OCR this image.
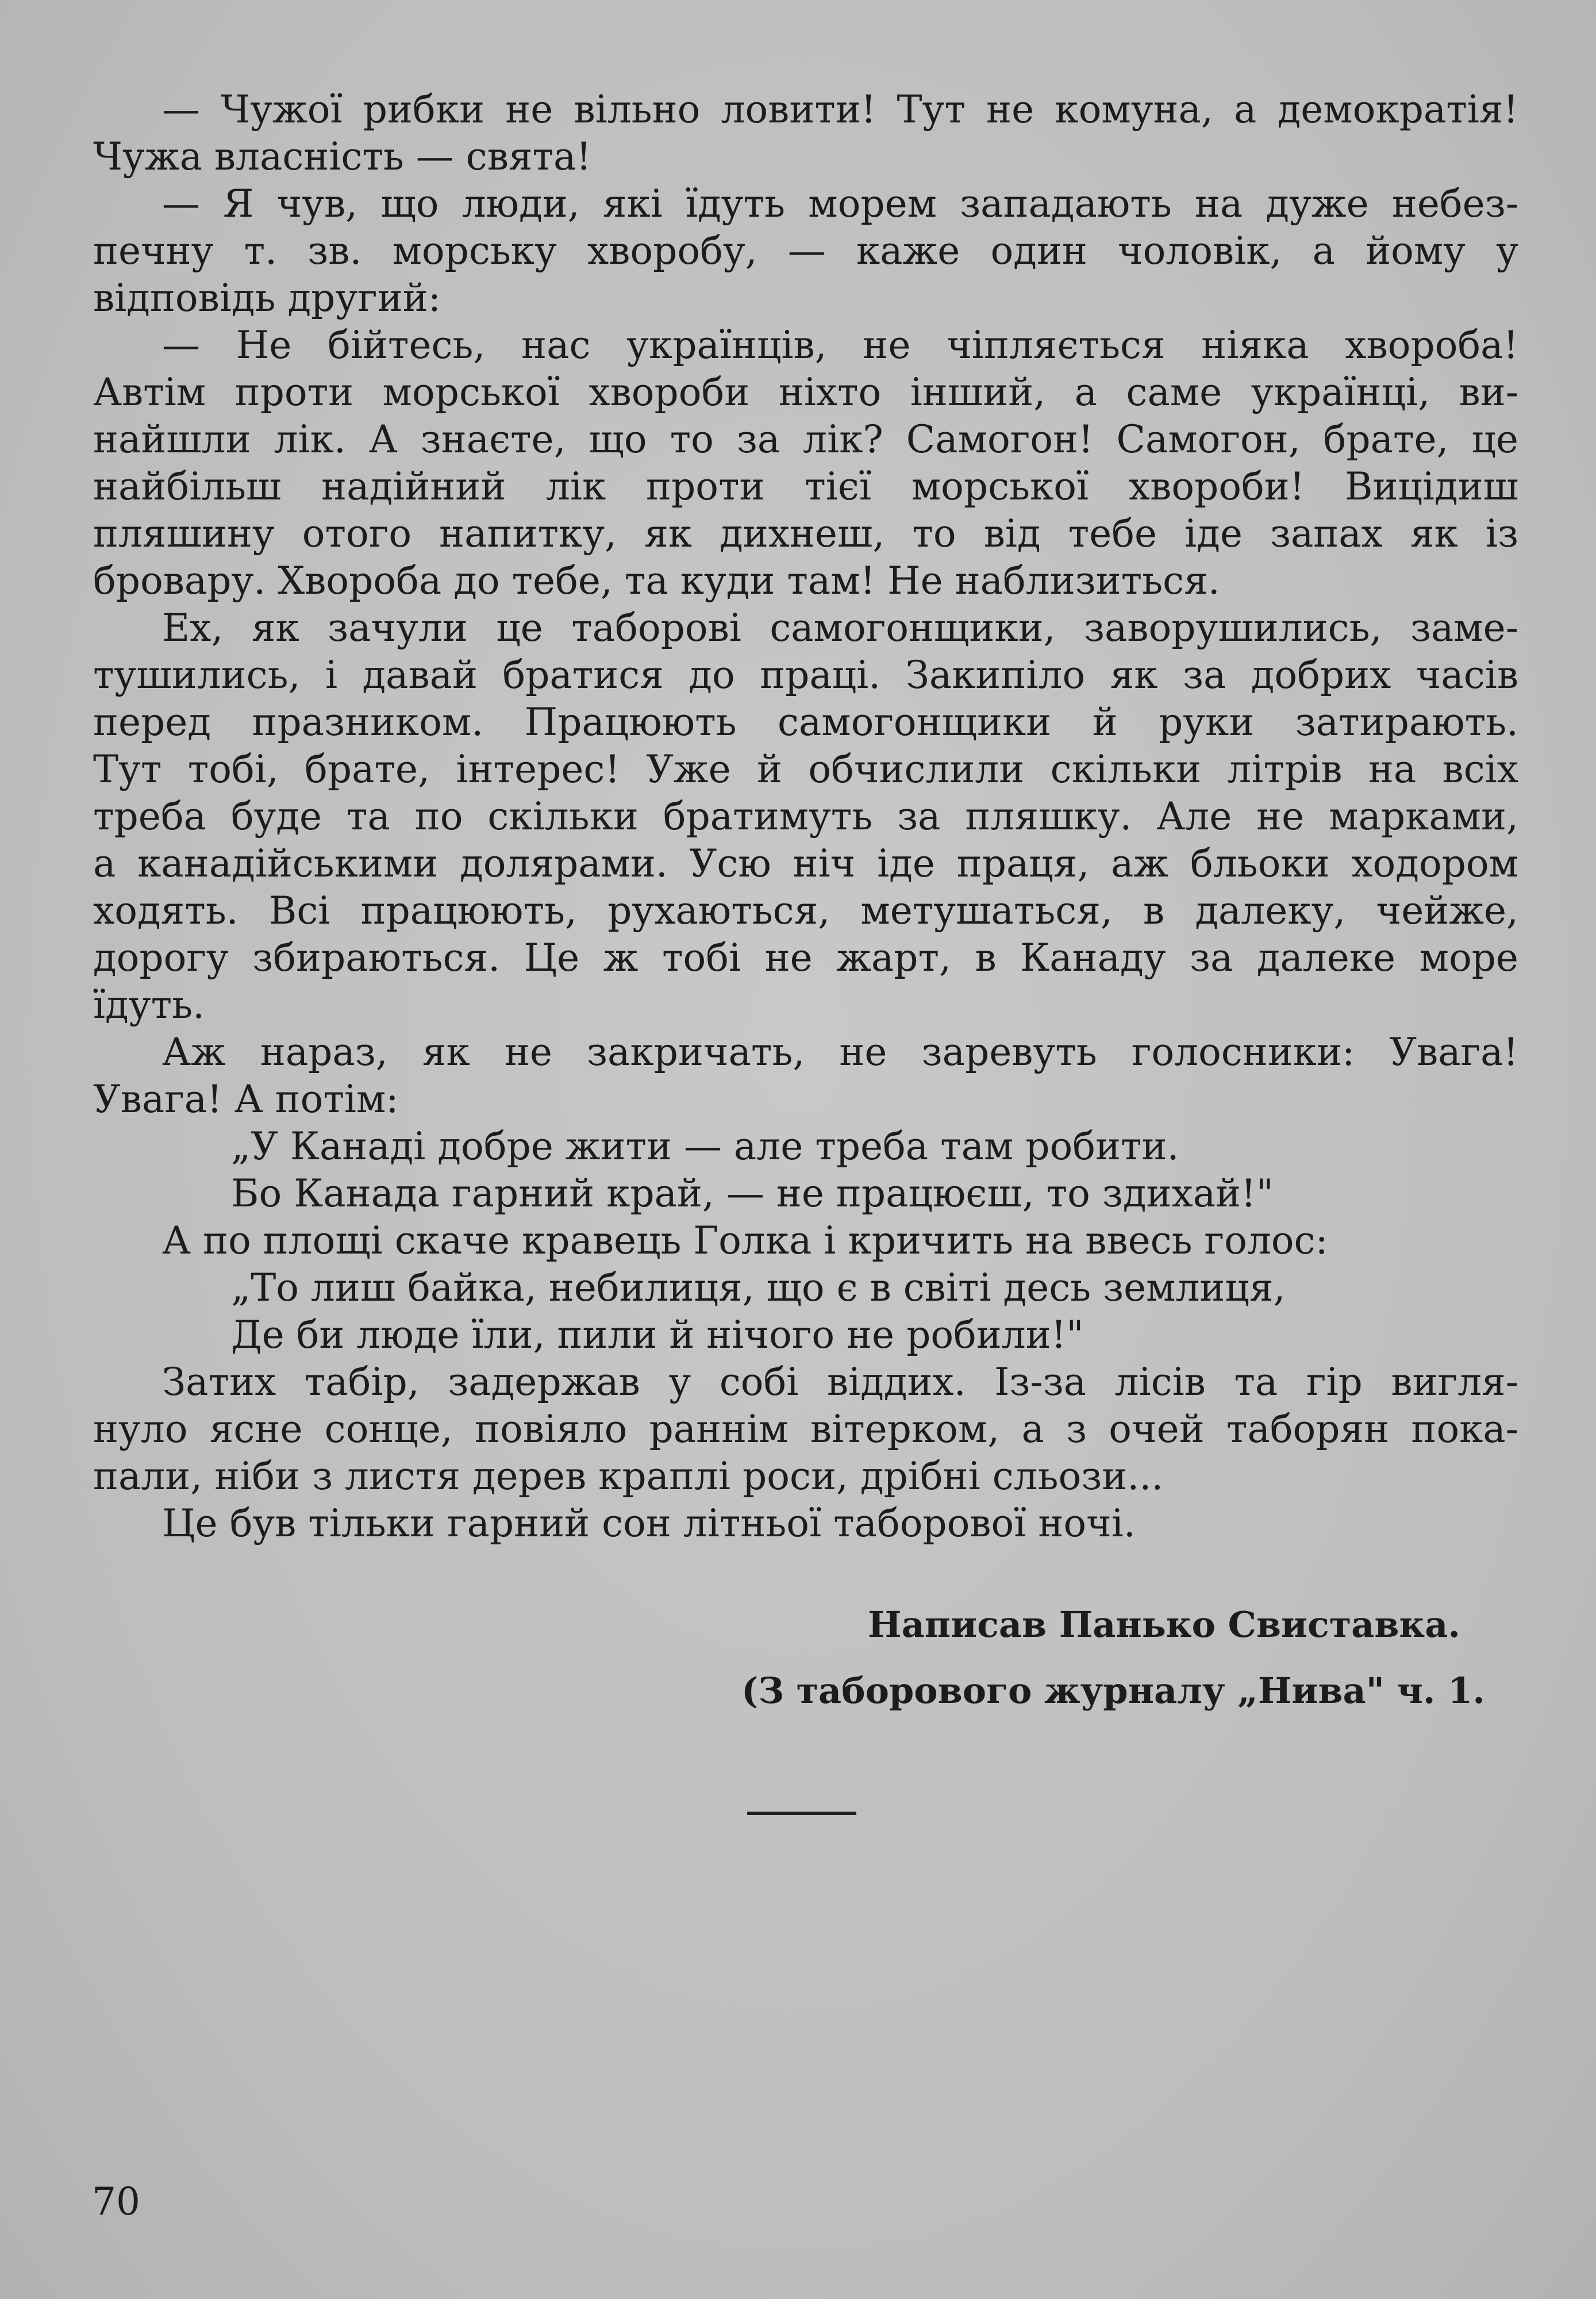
— Чужої рибки не вільно ловити! Тут не комуна, а демократія!
Чужа власність — свята!
— Я чув, що люди, які їдуть морем западають на дуже небез-
печну т. зв. морську хворобу, — каже один чоловік, а йому у
відповідь другий:
— Не бійтесь, нас українців, не чіпляється ніяка хвороба!
Автім проти морської хвороби ніхто інший, а саме українці, ви-
найшли лік. А знаєте, що то за лік? Самогон! Самогон, брате, це
найбільш надійний лік проти тієї морської хвороби! Вицідиш
пляшину отого напитку, як дихнеш, то від тебе іде запах як із
бровару. Хвороба до тебе, та куди там! Не наблизиться.
Ех, як зачули це таборові самогонщики, заворушились, заме-
тушились, і давай братися до праці. Закипіло як за добрих часів
перед празником. Працюють самогонщики й руки затирають.
Тут тобі, брате, інтерес! Уже й обчислили скільки літрів на всіх
треба буде та по скільки братимуть за пляшку. Але не марками,
а канадійськими долярами. Усю ніч іде праця, аж бльоки ходором
ходять. Всі працюють, рухаються, метушаться, в далеку, чейже,
дорогу збираються. Це ж тобі не жарт, в Канаду за далеке море
їдуть.
Аж нараз, як не закричать, не заревуть голосники: Увага!
Увага! А потім:
„У Канаді добре жити — але треба там робити.
Бо Канада гарний край, — не працюєш, то здихай!"
А по площі скаче кравець Голка і кричить на ввесь голос:
„То лиш байка, небилиця, що є в світі десь землиця,
Де би люде їли, пили й нічого не робили!"
Затих табір, задержав у собі віддих. Із-за лісів та гір вигля-
нуло ясне сонце, повіяло раннім вітерком, а з очей таборян пока-
пали, ніби з листя дерев краплі роси, дрібні сльози...
Це був тільки гарний сон літньої таборової ночі.
Написав Панько Свиставка.
(З таборового журналу „Нива" ч. 1.
70
